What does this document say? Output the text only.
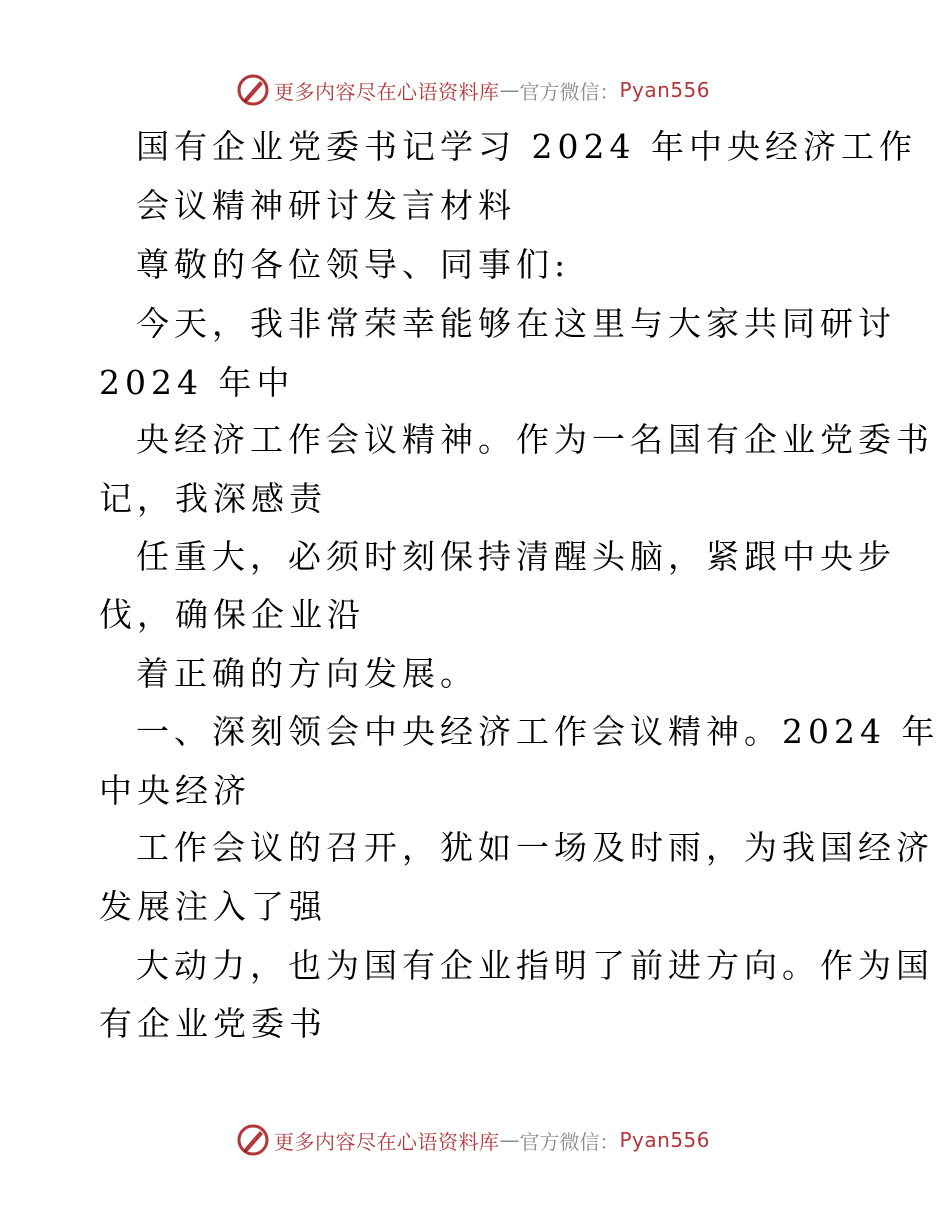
更多内容尽在心语资料库 — 官方微信： Pyan556
国有企业党委书记学习 2024 年中央经济工作
会议精神研讨发言材料
尊敬的各位领导、同事们:
今天，我非常荣幸能够在这里与大家共同研讨
2024 年中
央经济工作会议精神。作为一名国有企业党委书
记，我深感责
任重大，必须时刻保持清醒头脑，紧跟中央步
伐，确保企业沿
着正确的方向发展。
一、深刻领会中央经济工作会议精神。2024 年
中央经济
工作会议的召开，犹如一场及时雨，为我国经济
发展注入了强
大动力，也为国有企业指明了前进方向。作为国
有企业党委书
更多内容尽在心语资料库 — 官方微信： Pyan556
